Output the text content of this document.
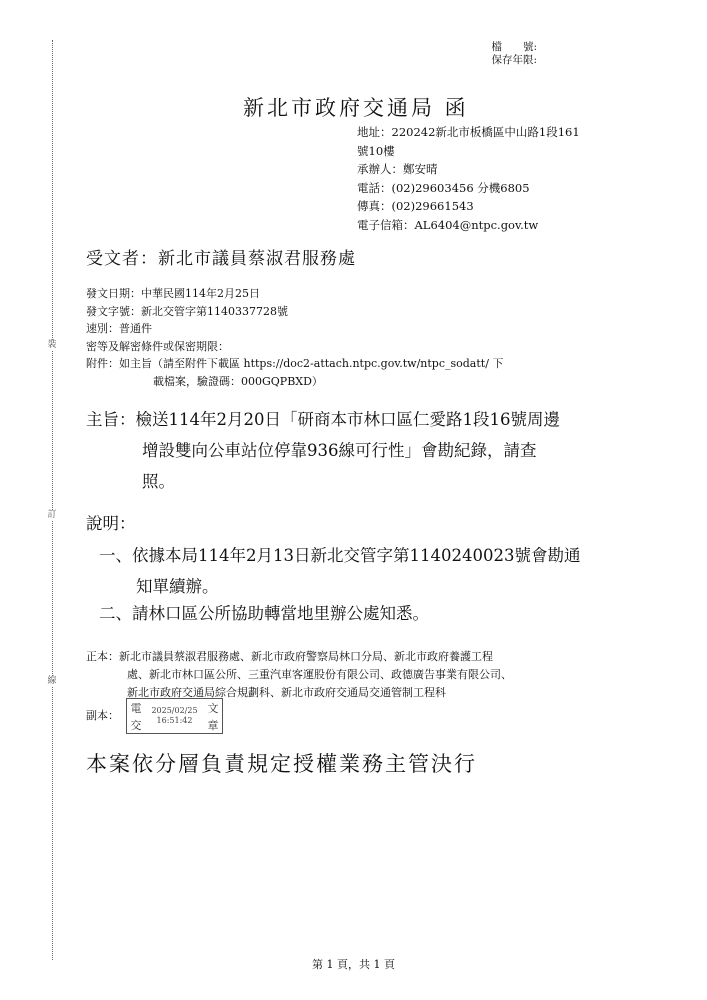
裝
訂
線
檔　　號:
保存年限:
新北市政府交通局 函
地址：220242新北市板橋區中山路1段161
號10樓
承辦人：鄭安晴
電話：(02)29603456 分機6805
傳真：(02)29661543
電子信箱：AL6404@ntpc.gov.tw
受文者：新北市議員蔡淑君服務處
發文日期：中華民國114年2月25日
發文字號：新北交管字第1140337728號
速別：普通件
密等及解密條件或保密期限：
附件：如主旨（請至附件下載區 https://doc2-attach.ntpc.gov.tw/ntpc_sodatt/ 下
載檔案，驗證碼：000GQPBXD）
主旨：檢送114年2月20日「研商本市林口區仁愛路1段16號周邊
增設雙向公車站位停靠936線可行性」會勘紀錄，請查
照。
說明：
一、依據本局114年2月13日新北交管字第1140240023號會勘通
知單續辦。
二、請林口區公所協助轉當地里辦公處知悉。
正本：新北市議員蔡淑君服務處、新北市政府警察局林口分局、新北市政府養護工程
處、新北市林口區公所、三重汽車客運股份有限公司、政德廣告事業有限公司、
新北市政府交通局綜合規劃科、新北市政府交通局交通管制工程科
副本：
電
交
2025/02/25
16:51:42
文
章
本案依分層負責規定授權業務主管決行
第 1 頁，共 1 頁
